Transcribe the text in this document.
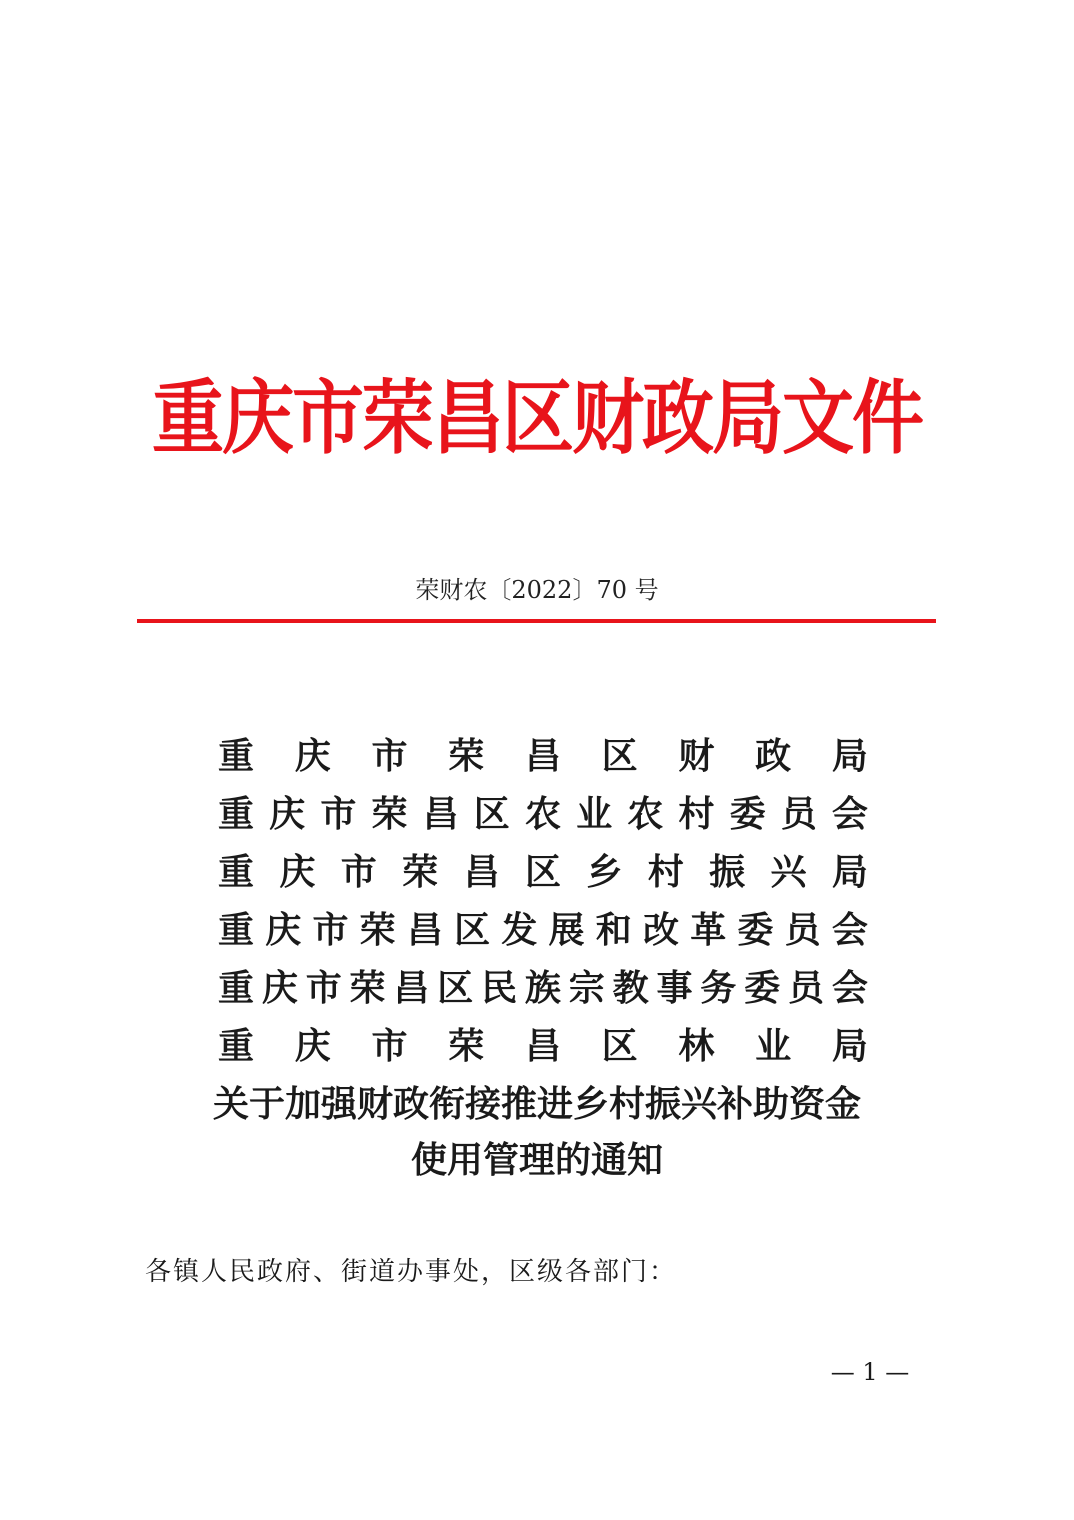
重庆市荣昌区财政局文件
荣财农〔2022〕70 号
重 庆 市 荣 昌 区 财 政 局
重 庆 市 荣 昌 区 农 业 农 村 委 员 会
重 庆 市 荣 昌 区 乡 村 振 兴 局
重 庆 市 荣 昌 区 发 展 和 改 革 委 员 会
重 庆 市 荣 昌 区 民 族 宗 教 事 务 委 员 会
重 庆 市 荣 昌 区 林 业 局
关于加强财政衔接推进乡村振兴补助资金
使用管理的通知
各镇人民政府、街道办事处，区级各部门：
— 1 —
